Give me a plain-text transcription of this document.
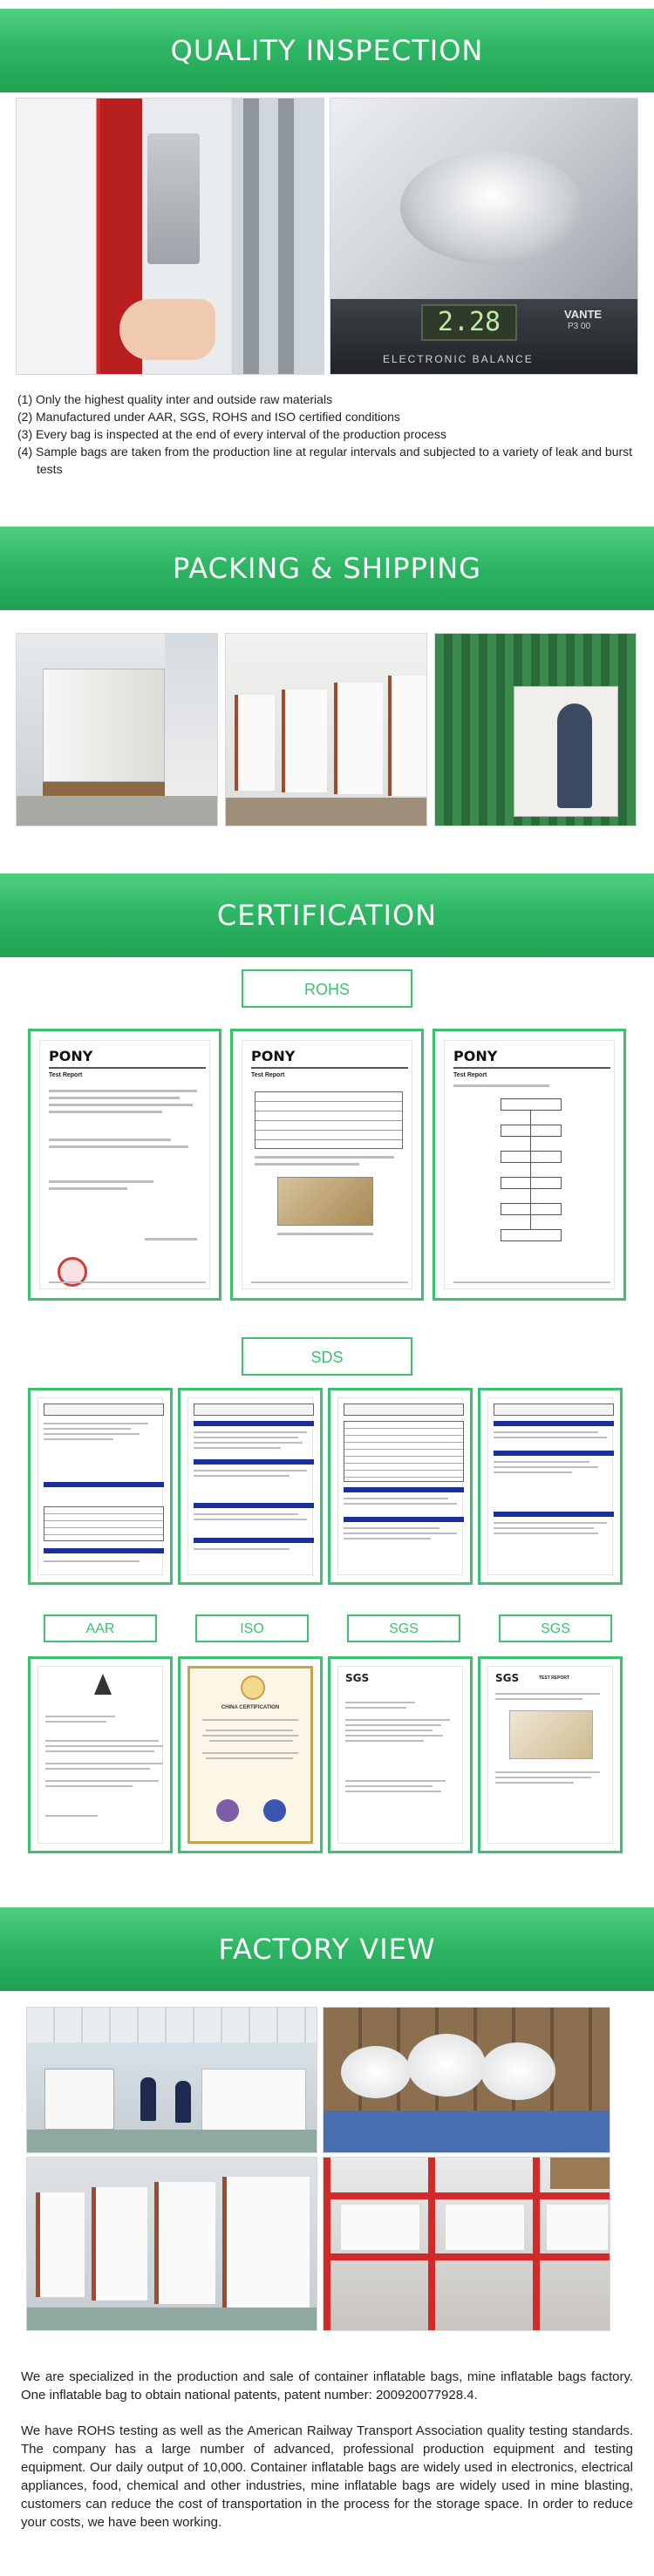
QUALITY INSPECTION
2.28	VANTE
P3 00
ELECTRONIC BALANCE
(1) Only the highest quality inter and outside raw materials
(2) Manufactured under AAR, SGS, ROHS and ISO certified conditions
(3) Every bag is inspected at the end of every interval of the production process
(4) Sample bags are taken from the production line at regular intervals and subjected to a variety of leak and burst tests
PACKING & SHIPPING
CERTIFICATION
ROHS
PONY
Test Report
PONY
Test Report
PONY
Test Report
SDS
AAR	ISO	SGS	SGS
CHINA CERTIFICATION
SGS	SGS	TEST REPORT
FACTORY VIEW

We are specialized in the production and sale of container inflatable bags, mine inflatable bags factory. One inflatable bag to obtain national patents, patent number: 200920077928.4.

We have ROHS testing as well as the American Railway Transport Association quality testing standards. The company has a large number of advanced, professional production equipment and testing equipment. Our daily output of 10,000. Container inflatable bags are widely used in electronics, electrical appliances, food, chemical and other industries, mine inflatable bags are widely used in mine blasting, customers can reduce the cost of transportation in the process for the storage space. In order to reduce your costs, we have been working.
